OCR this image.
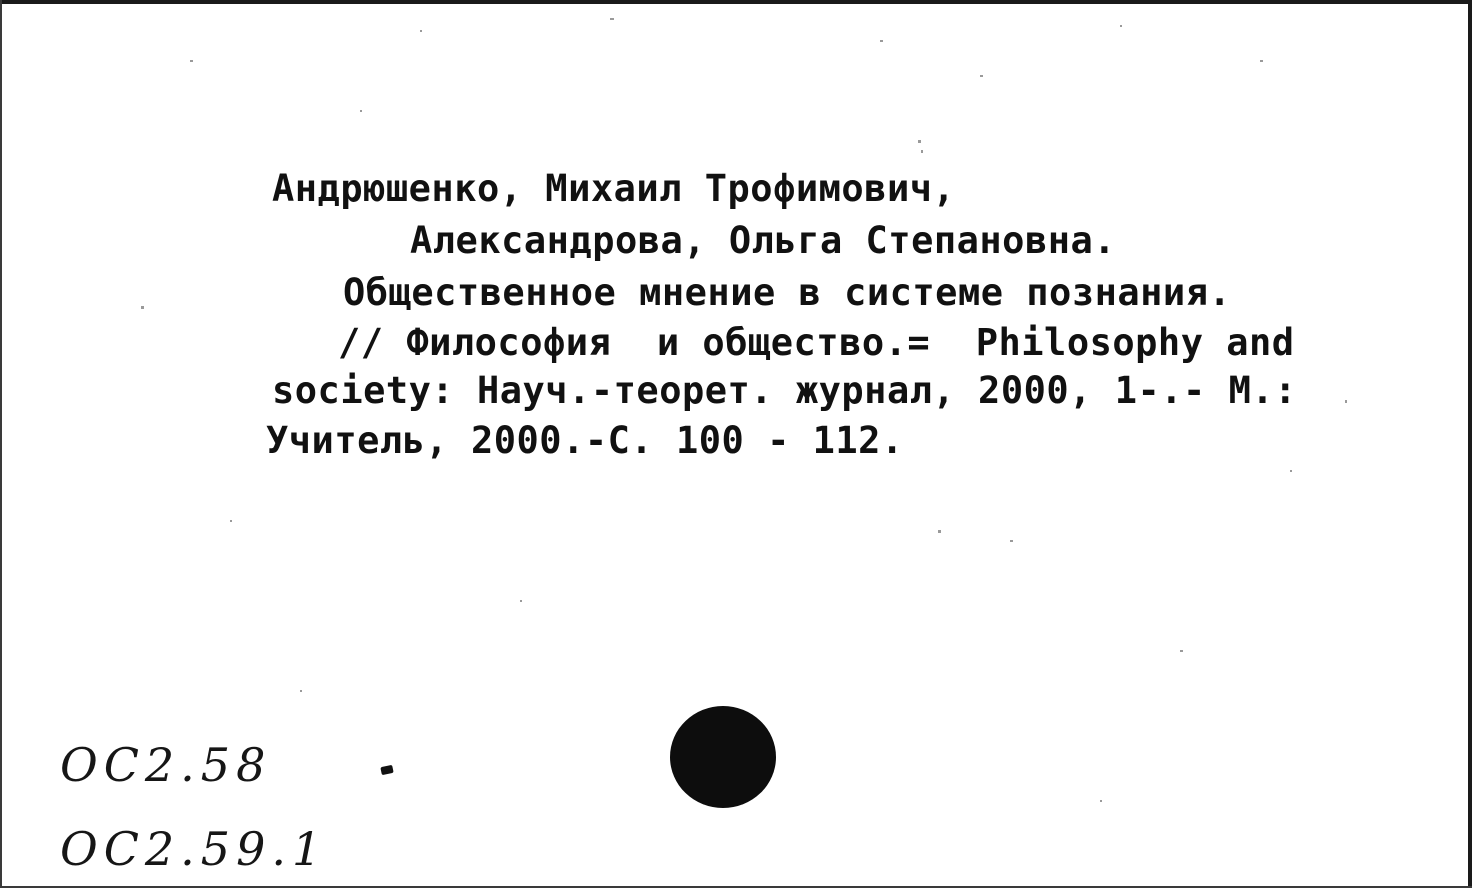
Андрюшенко, Михаил Трофимович,
Александрова, Ольга Степановна.
Общественное мнение в системе познания.
// Философия  и общество.=  Philosophy and
society: Науч.-теорет. журнал, 2000, 1-.- М.:
Учитель, 2000.-С. 100 - 112.
ОС2.58
ОС2.59.1
